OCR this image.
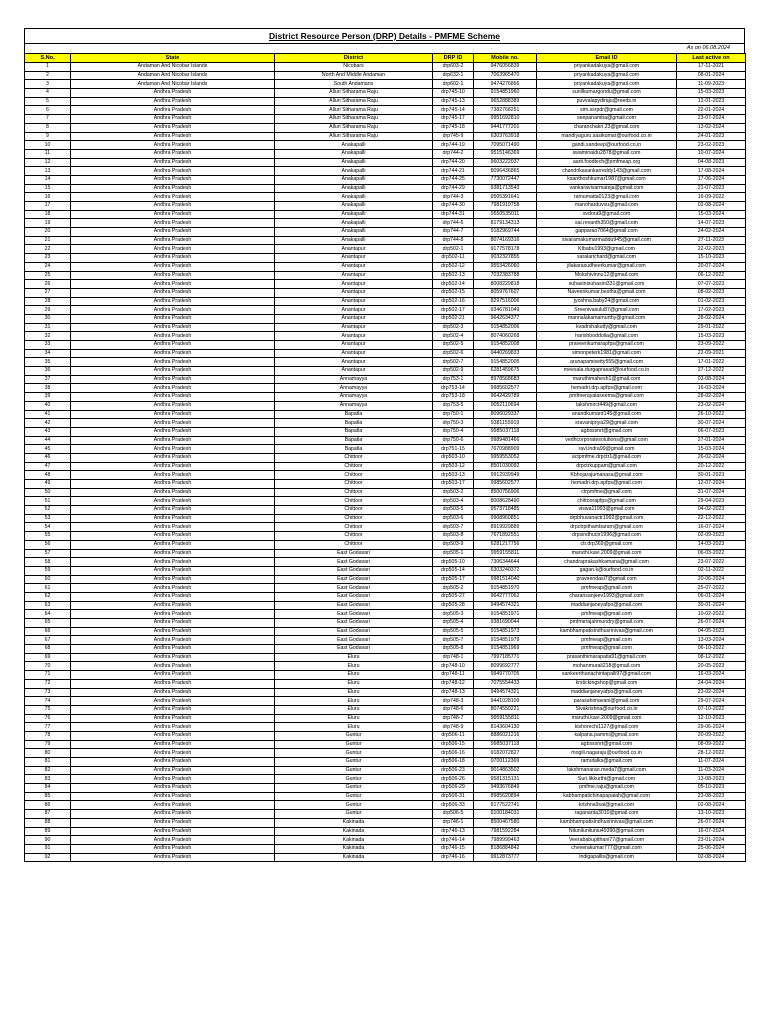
District Resource Person (DRP) Details - PMFME Scheme
As on 06.08.2024
S.No.	State	District	DRP ID	Mobile no.	Email ID	Last active on
1	Andaman And Nicobar Islands	Nicobars	drp603-2	9476056839	priyankadakuya@gmail.com	17-11-2021
2	Andaman And Nicobar Islands	North And Middle Andaman	drp632-1	7063965470	priyankadakuya@gmail.com	08-01-2024
3	Andaman And Nicobar Islands	South Andamans	drp602-1	9474276866	priyankadakuya@gmail.com	11-09-2023
4	Andhra Pradesh	Alluri Sitharama Raju	drp745-10	9154851960	sunilkumargondu@gmail.com	15-03-2023
5	Andhra Pradesh	Alluri Sitharama Raju	drp745-13	9652888389	puvvalapydiraju@reeds.in	12-01-2023
6	Andhra Pradesh	Alluri Sitharama Raju	drp745-14	7382768251	sim.ssrpdr@gmail.com	22-01-2024
7	Andhra Pradesh	Alluri Sitharama Raju	drp745-17	9951692810	seepanamba@gmail.com	23-07-2024
8	Andhra Pradesh	Alluri Sitharama Raju	drp745-18	9441777201	charanchakri.23@gmail.com	13-02-2024
9	Andhra Pradesh	Alluri Sitharama Raju	drp745-9	6303763918	mandiyaguru.sasikumar@ourfood.co.in	24-01-2023
10	Andhra Pradesh	Anakapalli	drp744-19	7095071490	gandi.sandeep@ourfood.co.in	23-02-2023
11	Andhra Pradesh	Anakapalli	drp744-2	9515146369	swaminaidu2878@gmail.com	10-07-2024
12	Andhra Pradesh	Anakapalli	drp744-20	9603222037	aarti.foodtech@pmfmeap.org	04-08-2023
13	Andhra Pradesh	Anakapalli	drp744-21	8096436865	chandrikasankarreddy143@gmail.com	17-08-2024
14	Andhra Pradesh	Anakapalli	drp744-25	7730072447	ksanthoshkumar1987@gmail.com	17-06-2024
15	Andhra Pradesh	Anakapalli	drp744-29	9381713543	vankaravivarmateja@gmail.com	21-07-2023
16	Andhra Pradesh	Anakapalli	drp744-3	9505391641	ramumatta0123@gmail.com	16-09-2022
17	Andhra Pradesh	Anakapalli	drp744-30	7981919758	manoharduvvu@gmail.com	02-08-2024
18	Andhra Pradesh	Anakapalli	drp744-31	9550535011	svdora9@gmail.com	15-03-2024
19	Andhra Pradesh	Anakapalli	drp744-6	8179134313	sai.revanth350@gmail.com	14-07-2023
20	Andhra Pradesh	Anakapalli	drp744-7	9182969744	gapparao7064@gmail.com	24-02-2024
21	Andhra Pradesh	Anakapalli	drp744-8	8074169316	sivaramakumarmaddu945@gmail.com	27-11-2023
22	Andhra Pradesh	Anantapur	drp502-1	9177578178	Ktbabu1993@gmail.com	22-02-2023
23	Andhra Pradesh	Anantapur	drp502-11	9032327855	saralarichard@gmail.com	15-10-2023
24	Andhra Pradesh	Anantapur	drp502-12	9553426060	jilakarasudheerkumar@gmail.com	20-07-2024
25	Andhra Pradesh	Anantapur	drp502-13	7032383788	Mokshivinnu12@gmail.com	06-12-2022
26	Andhra Pradesh	Anantapur	drp502-14	8008229818	suhasinisuhasini331@gmail.com	07-07-2023
27	Andhra Pradesh	Anantapur	drp502-15	8059767607	Naveenkumar.bestha@gmail.com	08-02-2023
28	Andhra Pradesh	Anantapur	drp502-16	8297516006	jyoshna.baby24@gmail.com	01-02-2023
29	Andhra Pradesh	Anantapur	drp502-17	9346781049	Sreenivasulu87@gmail.com	17-02-2023
30	Andhra Pradesh	Anantapur	drp502-21	9642634377	mannalakamamurthy@gmail.com	28-02-2024
31	Andhra Pradesh	Anantapur	drp502-3	9154852006	kvadrshakutty@gmail.com	29-01-2022
32	Andhra Pradesh	Anantapur	drp502-4	8074060268	harishboddolla@gmail.com	15-03-2023
33	Andhra Pradesh	Anantapur	drp502-5	9154852008	praveenkumarapfps@gmail.com	23-09-2022
34	Andhra Pradesh	Anantapur	drp502-6	9440269833	simonpeterk1981@gmail.com	22-09-2021
35	Andhra Pradesh	Anantapur	drp502-7	9154852005	arunapamisetty555@gmail.com	17-01-2022
36	Andhra Pradesh	Anantapur	drp502-9	6281459675	meesala.durgaprasad@ourfood.co.in	27-12-2022
37	Andhra Pradesh	Annamayya	drp753-1	8978568683	maruthimahesh1@gmail.com	03-08-2024
38	Andhra Pradesh	Annamayya	drp753-14	9985602577	hemadri.drp.apfps@gmail.com	16-03-2024
39	Andhra Pradesh	Annamayya	drp753-18	9642429789	pmfmerayalaseema@gmail.com	28-02-2024
40	Andhra Pradesh	Annamayya	drp753-5	9052110694	lakshmirct449@gmail.com	23-02-2024
41	Andhra Pradesh	Bapatla	drp750-1	8096029337	anandkumard145@gmail.com	26-10-2022
42	Andhra Pradesh	Bapatla	drp750-3	9381155919	sravanipriya29@gmail.com	30-07-2024
43	Andhra Pradesh	Bapatla	drp750-4	9985037118	agbsssnrt@gmail.com	06-07-2023
44	Andhra Pradesh	Bapatla	drp750-6	9989481466	vedhcorporatesolutions@gmail.com	27-01-2024
45	Andhra Pradesh	Bapatla	drp751-15	7670988909	ravi.indra99@gmail.com	15-03-2024
46	Andhra Pradesh	Chittoor	drp503-10	9959553052	actpmfme.drpctr1@gmail.com	26-02-2024
47	Andhra Pradesh	Chittoor	drp503-12	8501030092	drpctrkuppam@gmail.com	20-12-2022
48	Andhra Pradesh	Chittoor	drp503-13	9912939949	Kbhojarajumanasa@gmail.com	30-01-2023
49	Andhra Pradesh	Chittoor	drp503-17	9985602577	hemadri.drp.apfps@gmail.com	12-07-2024
50	Andhra Pradesh	Chittoor	drp503-2	8500756906	ctrpmfme@gmail.com	31-07-2024
51	Andhra Pradesh	Chittoor	drp503-4	8008628490	chittoorapfps@gmail.com	29-04-2023
52	Andhra Pradesh	Chittoor	drp503-5	9573718485	viswa11993@gmail.com	04-02-2023
53	Andhra Pradesh	Chittoor	drp503-6	9908960851	drpbhuvanactr1992@gmail.com	22-12-2022
54	Andhra Pradesh	Chittoor	drp503-7	8919929889	drpctrpithambaram@gmail.com	16-07-2024
55	Andhra Pradesh	Chittoor	drp503-8	7671892551	drpsindhuctr1996@gmail.com	02-09-2023
56	Andhra Pradesh	Chittoor	drp503-9	6281217756	ctr.drp369@gmail.com	14-03-2023
57	Andhra Pradesh	East Godavari	drp505-1	9959155811	maruthi.kavi.2009@gmail.com	06-03-2022
58	Andhra Pradesh	East Godavari	drp505-10	7306344644	chandraprakashkamana@gmail.com	23-07-2022
59	Andhra Pradesh	East Godavari	drp505-14	6303240372	gagan.k@ourfood.co.in	02-11-2022
60	Andhra Pradesh	East Godavari	drp505-17	9981514040	praveendasi7@gmail.com	20-06-2024
61	Andhra Pradesh	East Godavari	drp505-2	9154851970	pmfmeap@gmail.com	25-07-2022
62	Andhra Pradesh	East Godavari	drp505-27	9642777062	charansanjeev1993@gmail.com	06-01-2024
63	Andhra Pradesh	East Godavari	drp505-28	9494574321	maddianjaneyafpo@gmail.com	30-01-2024
64	Andhra Pradesh	East Godavari	drp505-3	9154851971	pmfmeap@gmail.com	10-02-2022
65	Andhra Pradesh	East Godavari	drp505-4	9381690044	pmfmerajahmundry@gmail.com	26-07-2024
66	Andhra Pradesh	East Godavari	drp505-5	9154851973	kambhampatisindhusrinivas@gmail.com	04-05-2023
67	Andhra Pradesh	East Godavari	drp505-7	9154851979	pmfmeap@gmail.com	13-03-2024
68	Andhra Pradesh	East Godavari	drp505-8	9154851969	pmfmeap@gmail.com	06-10-2022
69	Andhra Pradesh	Eluru	drp748-1	7997185771	prasanthimarapatla91@gmail.com	08-12-2022
70	Andhra Pradesh	Eluru	drp748-10	8099692777	mohanmurali218@gmail.com	20-05-2023
71	Andhra Pradesh	Eluru	drp748-11	9949770705	sankeerthanachintapalli97@gmail.com	16-03-2024
72	Andhra Pradesh	Eluru	drp748-12	7075554433	krstickingshop@gmail.com	24-04-2024
73	Andhra Pradesh	Eluru	drp748-13	9494574321	maddianjaneyafpo@gmail.com	23-02-2024
74	Andhra Pradesh	Eluru	drp748-3	9441028109	parasahimavani@gmail.com	29-07-2024
75	Andhra Pradesh	Eluru	drp748-6	8074550221	Sivakrishna@ourfood.co.in	07-10-2022
76	Andhra Pradesh	Eluru	drp748-7	9959155811	maruthi.kavi.2009@gmail.com	12-10-2023
77	Andhra Pradesh	Eluru	drp748-9	8143604130	kishorechi1127@gmail.com	29-06-2024
78	Andhra Pradesh	Guntur	drp506-11	8886021216	kalpana.pammi@gmail.com	20-09-2022
79	Andhra Pradesh	Guntur	drp506-15	9985037118	agbsssnrt@gmail.com	08-09-2022
80	Andhra Pradesh	Guntur	drp506-16	9182072827	mogili.nagaraju@ourfood.co.in	28-12-2022
81	Andhra Pradesh	Guntur	drp506-18	9700112369	ramutalks@gmail.com	11-07-2024
82	Andhra Pradesh	Guntur	drp506-23	9014863502	lakshmanarao.meda7@gmail.com	11-03-2024
83	Andhra Pradesh	Guntur	drp506-26	9581315131	Suri.likkurthi@gmail.com	13-08-2023
84	Andhra Pradesh	Guntur	drp506-29	9493676849	pmfme.raju@gmail.com	05-10-2023
85	Andhra Pradesh	Guntur	drp506-31	8985620894	kabhampatichinapapaiah@gmail.com	23-08-2023
86	Andhra Pradesh	Guntur	drp506-33	9177522741	krishna9sai@gmail.com	02-08-2024
87	Andhra Pradesh	Guntur	drp506-5	9100184031	raganarita3010@gmail.com	13-10-2023
88	Andhra Pradesh	Kakinada	drp746-1	8500467580	kambhampatisindhusrinivas@gmail.com	26-07-2024
89	Andhra Pradesh	Kakinada	drp746-13	7981592284	Niluniluniluniu49390@gmail.com	16-07-2024
90	Andhra Pradesh	Kakinada	drp746-14	7989999463	Veerababupithani77@gmail.com	23-01-2024
91	Andhra Pradesh	Kakinada	drp746-15	8186884842	chveerakumar777@gmail.com	25-06-2024
92	Andhra Pradesh	Kakinada	drp746-16	9912873777	Indigapallis@gmail.com	02-08-2024
